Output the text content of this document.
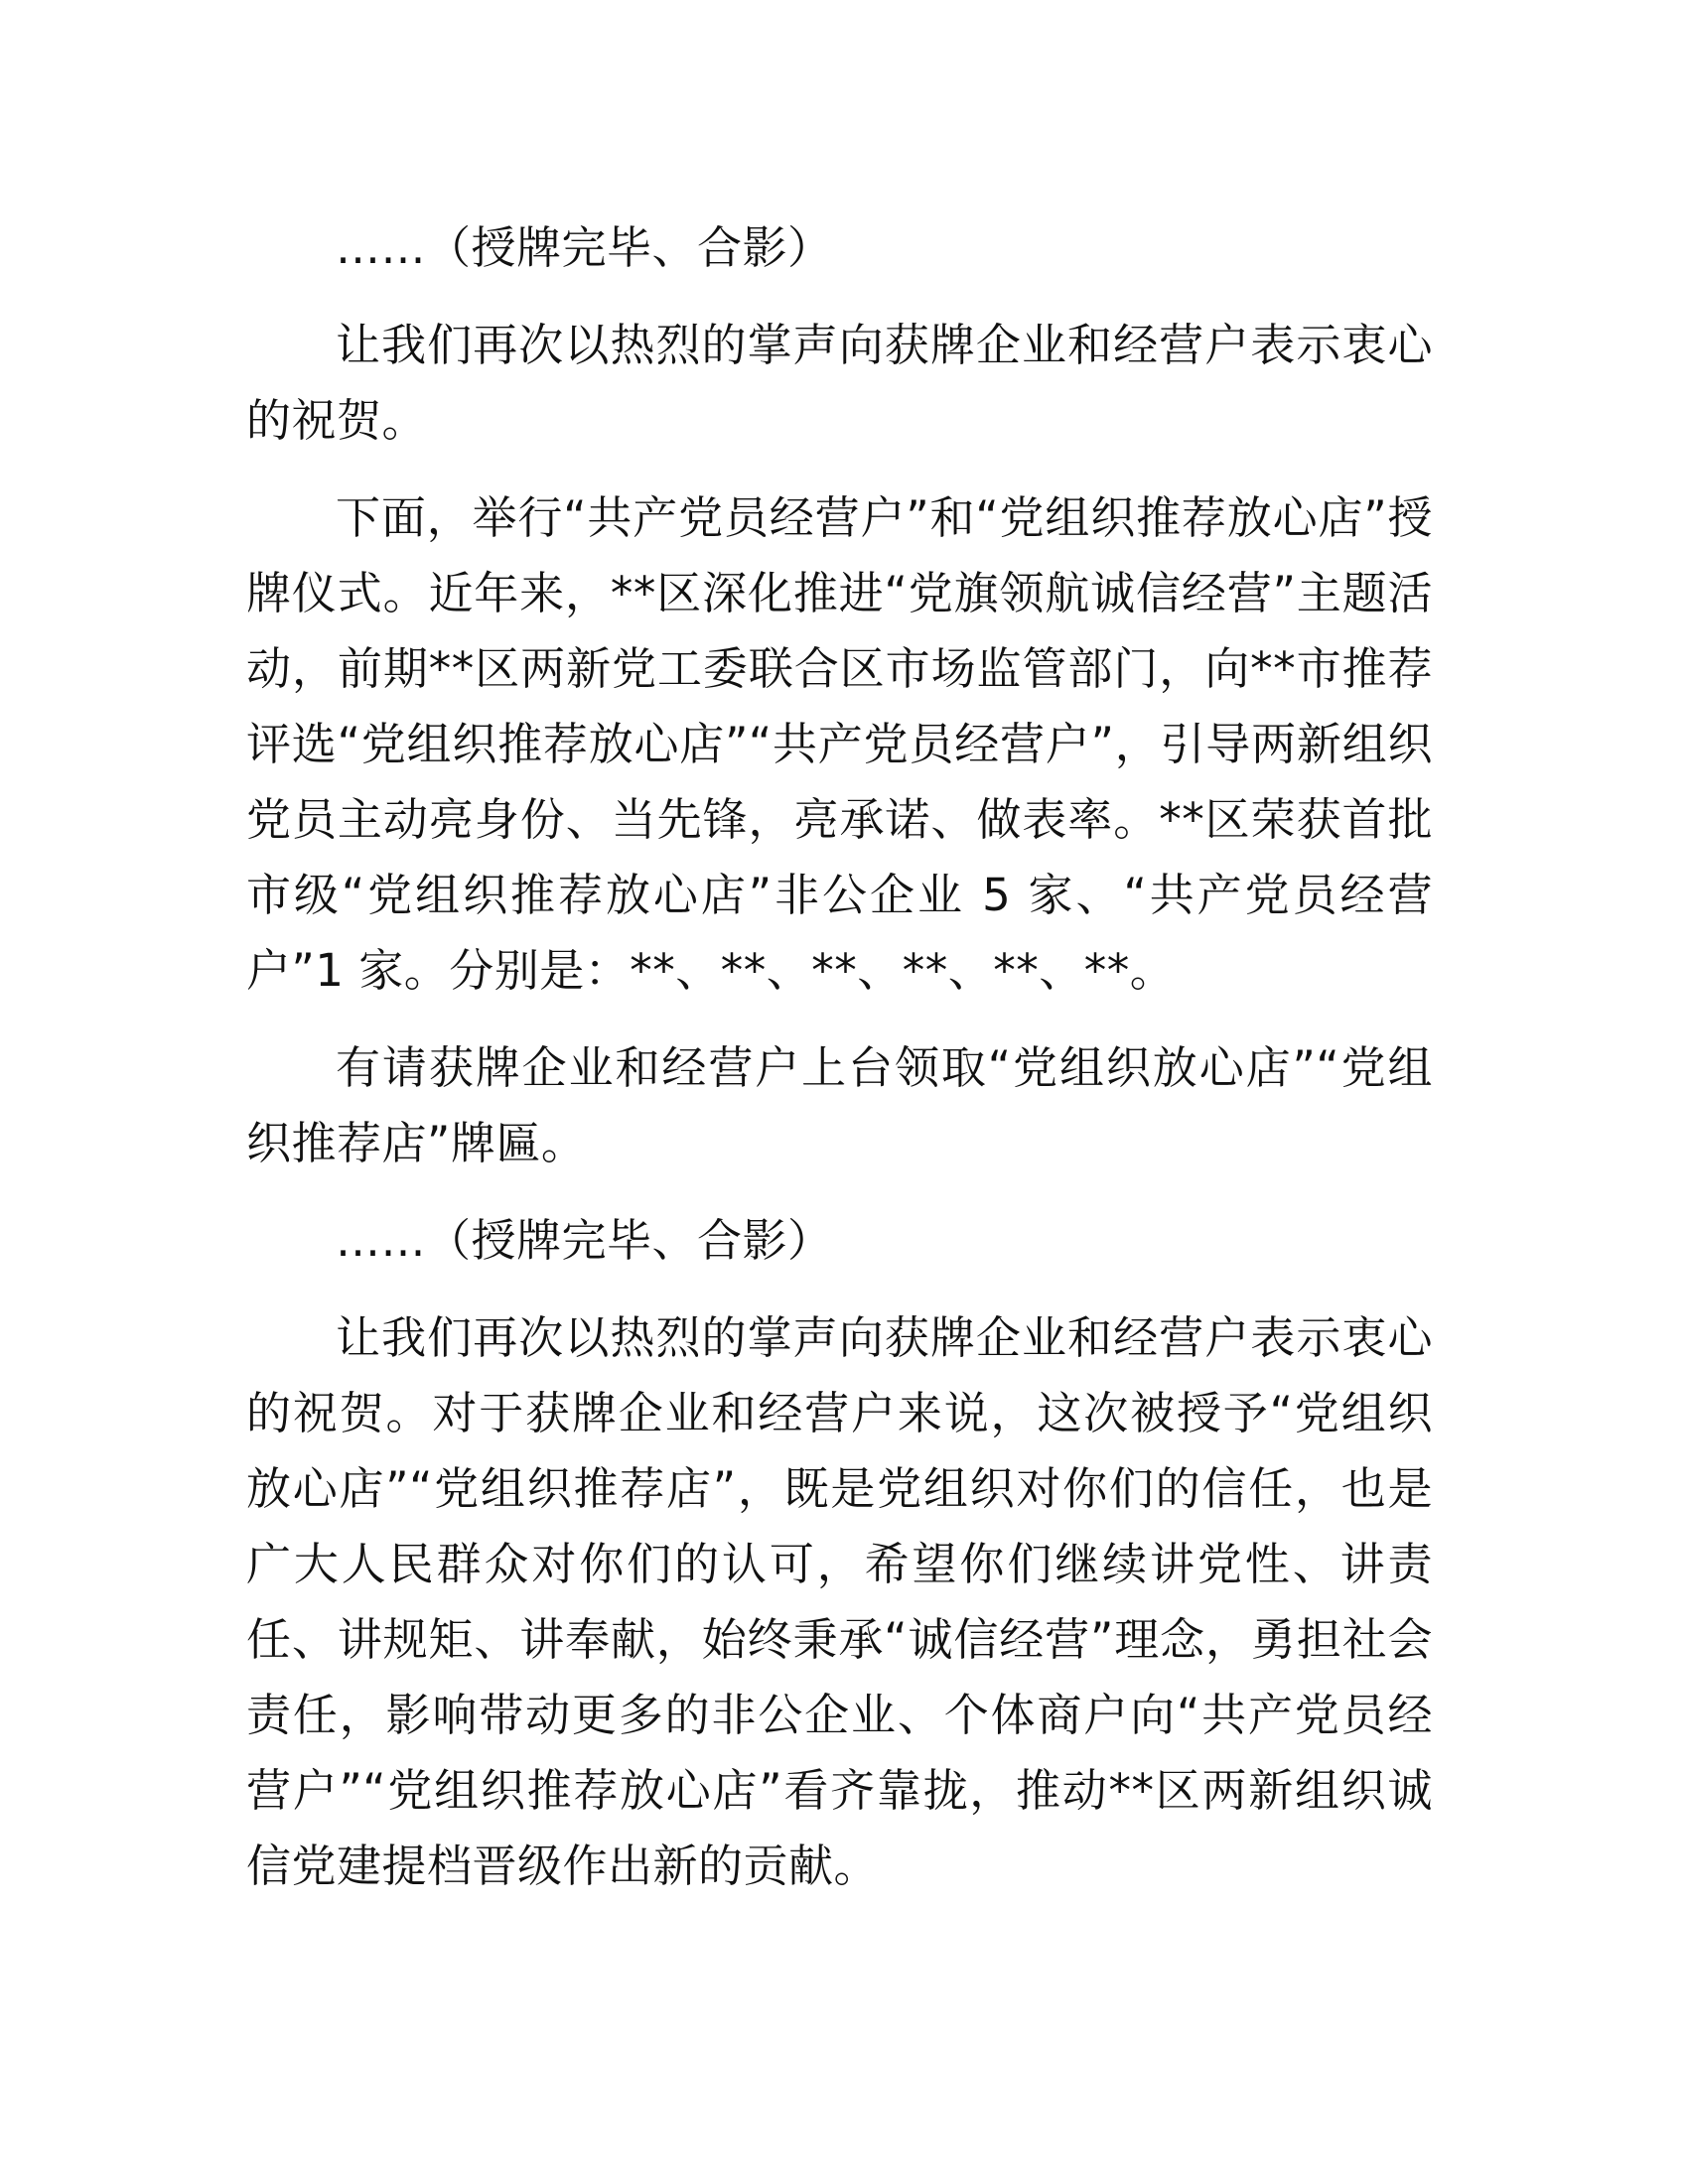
……（授牌完毕、合影）

让我们再次以热烈的掌声向获牌企业和经营户表示衷心的祝贺。

下面，举行“共产党员经营户”和“党组织推荐放心店”授牌仪式。近年来，**区深化推进“党旗领航诚信经营”主题活动，前期**区两新党工委联合区市场监管部门，向**市推荐评选“党组织推荐放心店”“共产党员经营户”，引导两新组织党员主动亮身份、当先锋，亮承诺、做表率。**区荣获首批市级“党组织推荐放心店”非公企业 5 家、“共产党员经营户”1 家。分别是：**、**、**、**、**、**。

有请获牌企业和经营户上台领取“党组织放心店”“党组织推荐店”牌匾。

……（授牌完毕、合影）

让我们再次以热烈的掌声向获牌企业和经营户表示衷心的祝贺。对于获牌企业和经营户来说，这次被授予“党组织放心店”“党组织推荐店”，既是党组织对你们的信任，也是广大人民群众对你们的认可，希望你们继续讲党性、讲责任、讲规矩、讲奉献，始终秉承“诚信经营”理念，勇担社会责任，影响带动更多的非公企业、个体商户向“共产党员经营户”“党组织推荐放心店”看齐靠拢，推动**区两新组织诚信党建提档晋级作出新的贡献。
